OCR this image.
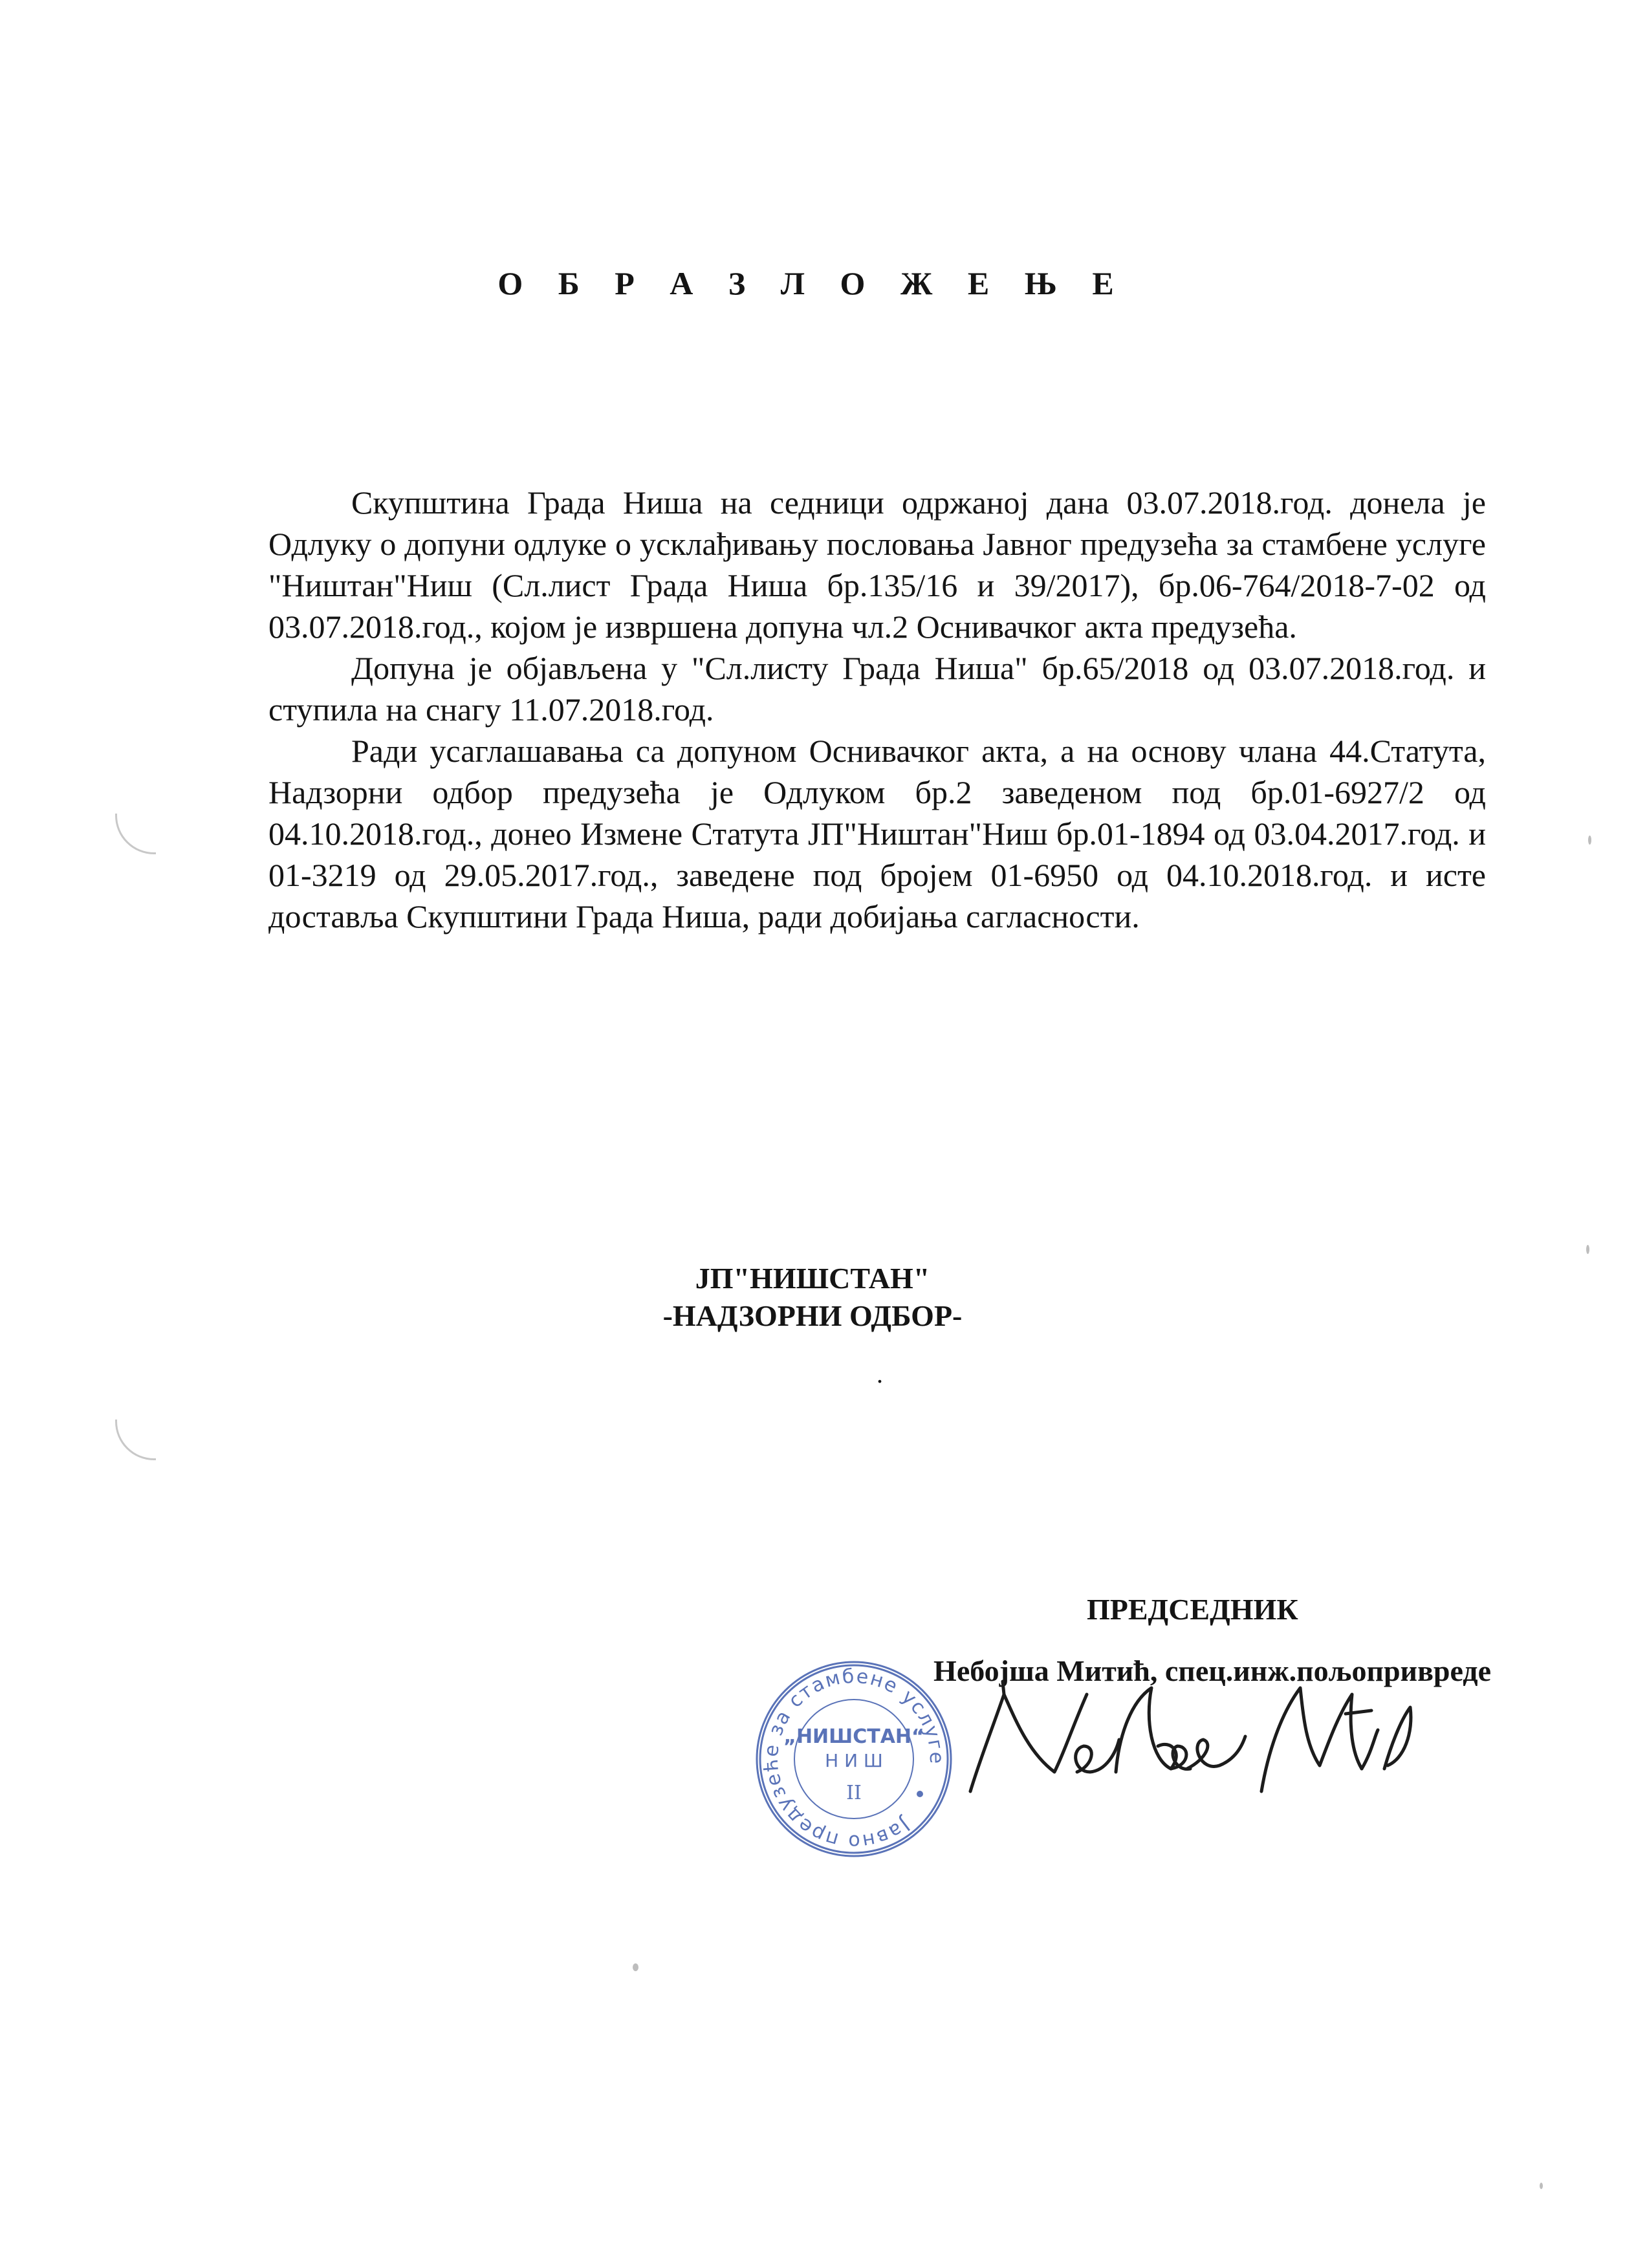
О Б Р А З Л О Ж Е Њ Е

Скупштина Града Ниша на седници одржаној дана 03.07.2018.год. донела је Одлуку о допуни одлуке о усклађивању пословања Јавног предузећа за стамбене услуге "Ништан"Ниш (Сл.лист Града Ниша бр.135/16 и 39/2017), бр.06-764/2018-7-02 од 03.07.2018.год., којом је извршена допуна чл.2 Оснивачког акта предузећа.

Допуна је објављена у "Сл.листу Града Ниша" бр.65/2018 од 03.07.2018.год. и ступила на снагу 11.07.2018.год.

Ради усаглашавања са допуном Оснивачког акта, а на основу члана 44.Статута, Надзорни одбор предузећа је Одлуком бр.2 заведеном под бр.01-6927/2 од 04.10.2018.год., донео Измене Статута ЈП"Ништан"Ниш бр.01-1894 од 03.04.2017.год. и 01-3219 од 29.05.2017.год., заведене под бројем 01-6950 од 04.10.2018.год. и исте доставља Скупштини Града Ниша, ради добијања сагласности.

ЈП"НИШСТАН"
-НАДЗОРНИ ОДБОР-
.
ПРЕДСЕДНИК
Небојша Митић, спец.инж.пољопривреде
Јавно предузеће за стамбене услуге
„НИШСТАН“
Н И Ш
II
